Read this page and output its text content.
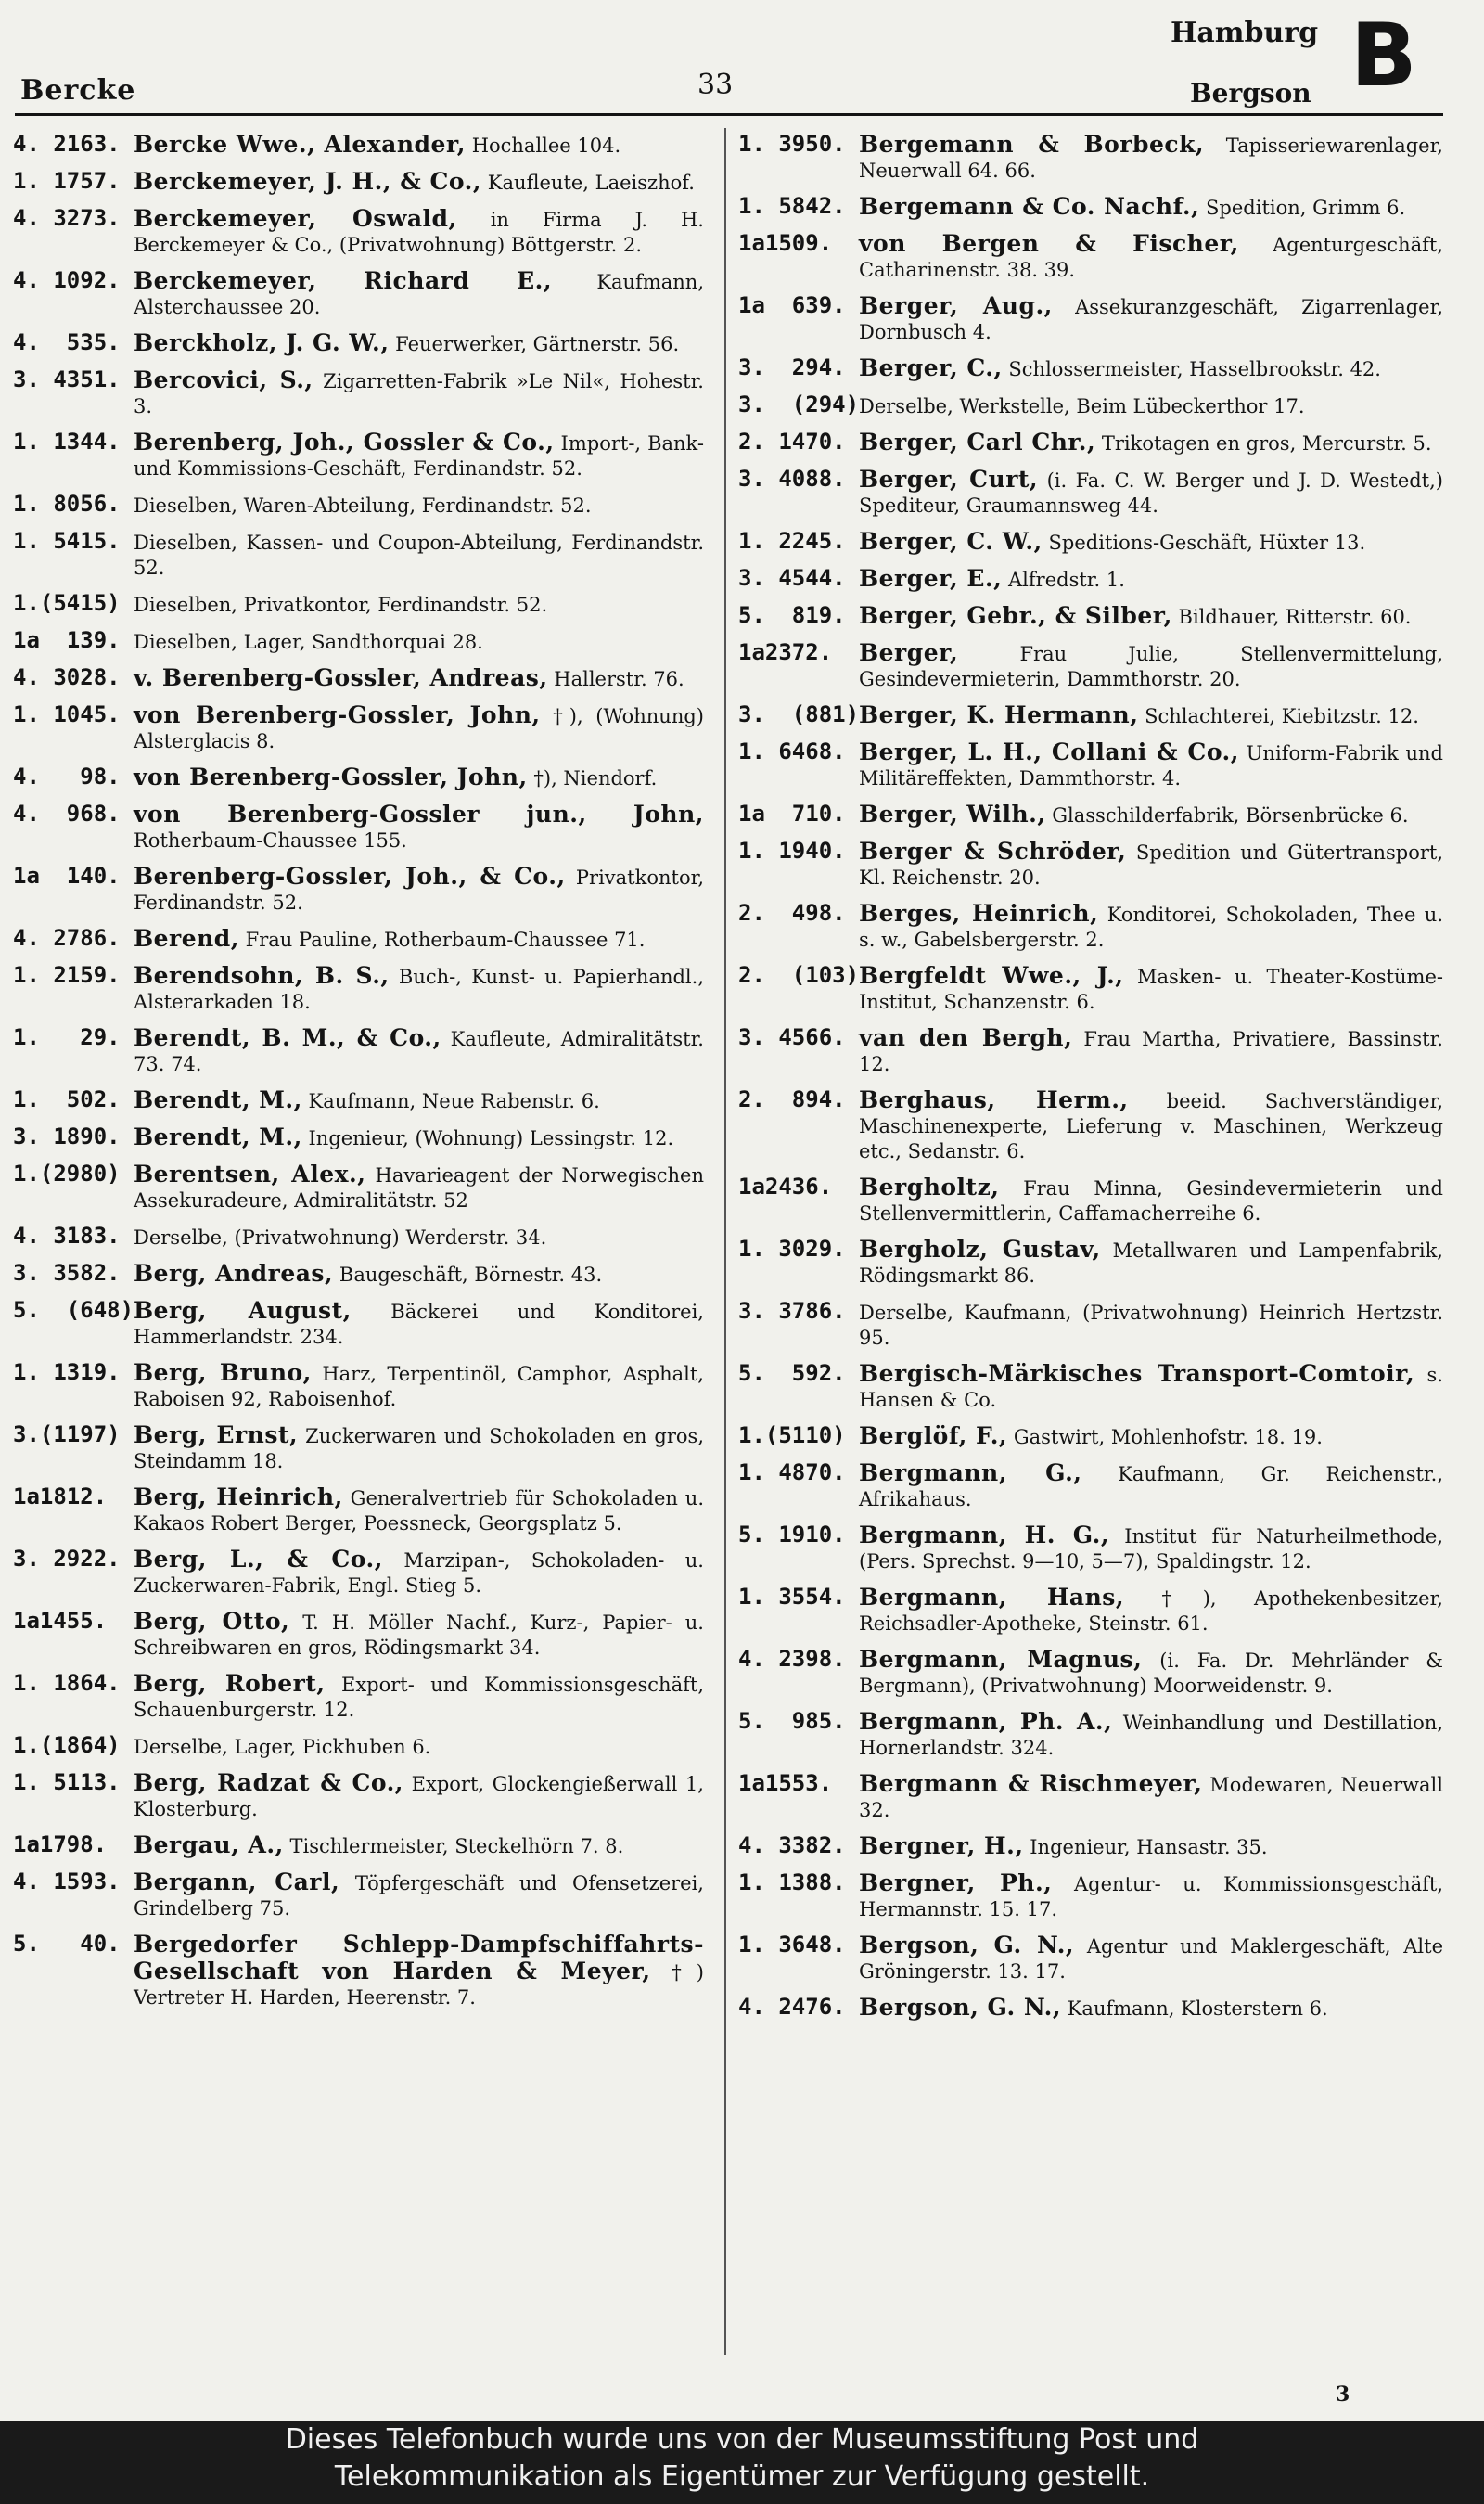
Bercke	33
Hamburg
Bergson B
4. 2163. Bercke Wwe., Alexander, Hochallee 104.
1. 1757. Berckemeyer, J. H., & Co., Kaufleute, Laeiszhof.
4. 3273. Berckemeyer, Oswald, in Firma J. H. Berckemeyer & Co., (Privatwohnung) Böttgerstr. 2.
4. 1092. Berckemeyer, Richard E., Kaufmann, Alsterchaussee 20.
4.  535. Berckholz, J. G. W., Feuerwerker, Gärtnerstr. 56.
3. 4351. Bercovici, S., Zigarretten-Fabrik »Le Nil«, Hohestr. 3.
1. 1344. Berenberg, Joh., Gossler & Co., Import-, Bank- und Kommissions-Geschäft, Ferdinandstr. 52.
1. 8056. Dieselben, Waren-Abteilung, Ferdinandstr. 52.
1. 5415. Dieselben, Kassen- und Coupon-Abteilung, Ferdinandstr. 52.
1.(5415) Dieselben, Privatkontor, Ferdinandstr. 52.
1a  139. Dieselben, Lager, Sandthorquai 28.
4. 3028. v. Berenberg-Gossler, Andreas, Hallerstr. 76.
1. 1045. von Berenberg-Gossler, John, †), (Wohnung) Alsterglacis 8.
4.   98. von Berenberg-Gossler, John, †), Niendorf.
4.  968. von Berenberg-Gossler jun., John, Rotherbaum-Chaussee 155.
1a  140. Berenberg-Gossler, Joh., & Co., Privatkontor, Ferdinandstr. 52.
4. 2786. Berend, Frau Pauline, Rotherbaum-Chaussee 71.
1. 2159. Berendsohn, B. S., Buch-, Kunst- u. Papierhandl., Alsterarkaden 18.
1.   29. Berendt, B. M., & Co., Kaufleute, Admiralitätstr. 73. 74.
1.  502. Berendt, M., Kaufmann, Neue Rabenstr. 6.
3. 1890. Berendt, M., Ingenieur, (Wohnung) Lessingstr. 12.
1.(2980) Berentsen, Alex., Havarieagent der Norwegischen Assekuradeure, Admiralitätstr. 52
4. 3183. Derselbe, (Privatwohnung) Werderstr. 34.
3. 3582. Berg, Andreas, Baugeschäft, Börnestr. 43.
5.  (648) Berg, August, Bäckerei und Konditorei, Hammerlandstr. 234.
1. 1319. Berg, Bruno, Harz, Terpentinöl, Camphor, Asphalt, Raboisen 92, Raboisenhof.
3.(1197) Berg, Ernst, Zuckerwaren und Schokoladen en gros, Steindamm 18.
1a1812.	Berg, Heinrich, Generalvertrieb für Schokoladen u. Kakaos Robert Berger, Poessneck, Georgsplatz 5.
3. 2922. Berg, L., & Co., Marzipan-, Schokoladen- u. Zuckerwaren-Fabrik, Engl. Stieg 5.
1a1455.	Berg, Otto, T. H. Möller Nachf., Kurz-, Papier- u. Schreibwaren en gros, Rödingsmarkt 34.
1. 1864. Berg, Robert, Export- und Kommissionsgeschäft, Schauenburgerstr. 12.
1.(1864) Derselbe, Lager, Pickhuben 6.
1. 5113. Berg, Radzat & Co., Export, Glockengießerwall 1, Klosterburg.
1a1798.	Bergau, A., Tischlermeister, Steckelhörn 7. 8.
4. 1593. Bergann, Carl, Töpfergeschäft und Ofensetzerei, Grindelberg 75.
5.   40. Bergedorfer Schlepp-Dampfschiffahrts-Gesellschaft von Harden & Meyer, †) Vertreter H. Harden, Heerenstr. 7.
1. 3950. Bergemann & Borbeck, Tapisseriewarenlager, Neuerwall 64. 66.
1. 5842. Bergemann & Co. Nachf., Spedition, Grimm 6.
1a1509.	von Bergen & Fischer, Agenturgeschäft, Catharinenstr. 38. 39.
1a  639. Berger, Aug., Assekuranzgeschäft, Zigarrenlager, Dornbusch 4.
3.  294. Berger, C., Schlossermeister, Hasselbrookstr. 42.
3.  (294) Derselbe, Werkstelle, Beim Lübeckerthor 17.
2. 1470. Berger, Carl Chr., Trikotagen en gros, Mercurstr. 5.
3. 4088. Berger, Curt, (i. Fa. C. W. Berger und J. D. Westedt,) Spediteur, Graumannsweg 44.
1. 2245. Berger, C. W., Speditions-Geschäft, Hüxter 13.
3. 4544. Berger, E., Alfredstr. 1.
5.  819. Berger, Gebr., & Silber, Bildhauer, Ritterstr. 60.
1a2372.	Berger,	Frau Julie, Stellenvermittelung, Gesindevermieterin, Dammthorstr. 20.
3.  (881) Berger, K. Hermann, Schlachterei, Kiebitzstr. 12.
1. 6468. Berger, L. H., Collani & Co., Uniform-Fabrik und Militäreffekten, Dammthorstr. 4.
1a  710. Berger, Wilh., Glasschilderfabrik, Börsenbrücke 6.
1. 1940. Berger & Schröder, Spedition und Gütertransport, Kl. Reichenstr. 20.
2.  498. Berges, Heinrich, Konditorei, Schokoladen, Thee u. s. w., Gabelsbergerstr. 2.
2.  (103) Bergfeldt Wwe., J., Masken- u. Theater-Kostüme-Institut, Schanzenstr. 6.
3. 4566. van den Bergh, Frau Martha, Privatiere, Bassinstr. 12.
2.  894. Berghaus, Herm., beeid. Sachverständiger, Maschinenexperte, Lieferung v. Maschinen, Werkzeug etc., Sedanstr. 6.
1a2436.	Bergholtz, Frau Minna, Gesindevermieterin und Stellenvermittlerin, Caffamacherreihe 6.
1. 3029. Bergholz, Gustav, Metallwaren und Lampenfabrik, Rödingsmarkt 86.
3. 3786. Derselbe, Kaufmann, (Privatwohnung) Heinrich Hertzstr. 95.
5.  592. Bergisch-Märkisches Transport-Comtoir, s. Hansen & Co.
1.(5110) Berglöf, F., Gastwirt, Mohlenhofstr. 18. 19.
1. 4870. Bergmann, G., Kaufmann, Gr. Reichenstr., Afrikahaus.
5. 1910. Bergmann, H. G., Institut für Naturheilmethode, (Pers. Sprechst. 9—10, 5—7), Spaldingstr. 12.
1. 3554. Bergmann, Hans, †), Apothekenbesitzer, Reichsadler-Apotheke, Steinstr. 61.
4. 2398. Bergmann, Magnus, (i. Fa. Dr. Mehrländer & Bergmann), (Privatwohnung) Moorweidenstr. 9.
5.  985. Bergmann, Ph. A., Weinhandlung und Destillation, Hornerlandstr. 324.
1a1553.	Bergmann & Rischmeyer, Modewaren, Neuerwall 32.
4. 3382. Bergner, H., Ingenieur, Hansastr. 35.
1. 1388. Bergner, Ph., Agentur- u. Kommissionsgeschäft, Hermannstr. 15. 17.
1. 3648. Bergson, G. N., Agentur und Maklergeschäft, Alte Gröningerstr. 13. 17.
4. 2476. Bergson, G. N., Kaufmann, Klosterstern 6.
3
Dieses Telefonbuch wurde uns von der Museumsstiftung Post und
Telekommunikation als Eigentümer zur Verfügung gestellt.
